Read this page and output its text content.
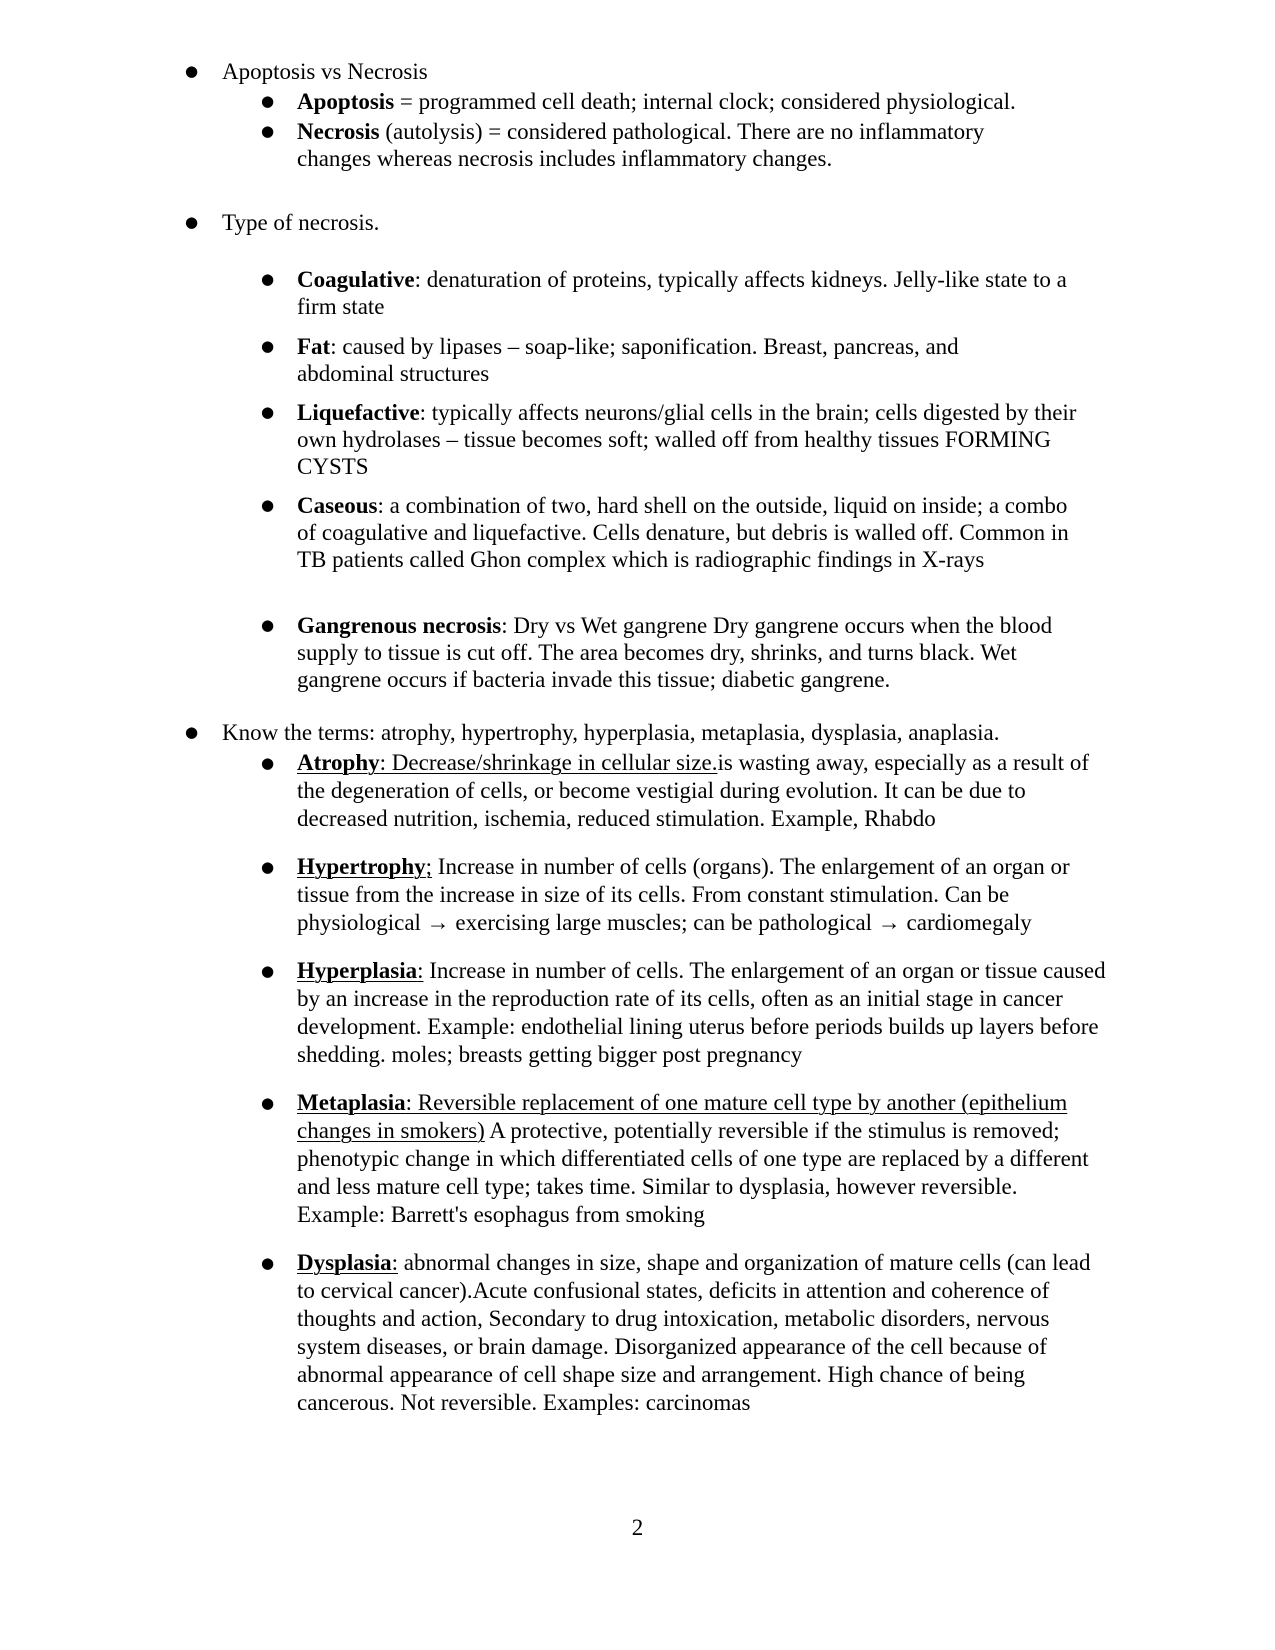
● Apoptosis vs Necrosis
● Apoptosis = programmed cell death; internal clock; considered physiological.
● Necrosis (autolysis) = considered pathological. There are no inflammatory changes whereas necrosis includes inflammatory changes.
● Type of necrosis.
● Coagulative: denaturation of proteins, typically affects kidneys. Jelly-like state to a firm state
● Fat: caused by lipases – soap-like; saponification. Breast, pancreas, and abdominal structures
● Liquefactive: typically affects neurons/glial cells in the brain; cells digested by their own hydrolases – tissue becomes soft; walled off from healthy tissues FORMING CYSTS
● Caseous: a combination of two, hard shell on the outside, liquid on inside; a combo of coagulative and liquefactive. Cells denature, but debris is walled off. Common in TB patients called Ghon complex which is radiographic findings in X-rays
● Gangrenous necrosis: Dry vs Wet gangrene Dry gangrene occurs when the blood supply to tissue is cut off. The area becomes dry, shrinks, and turns black. Wet gangrene occurs if bacteria invade this tissue; diabetic gangrene.
● Know the terms: atrophy, hypertrophy, hyperplasia, metaplasia, dysplasia, anaplasia.
● Atrophy: Decrease/shrinkage in cellular size.is wasting away, especially as a result of the degeneration of cells, or become vestigial during evolution. It can be due to decreased nutrition, ischemia, reduced stimulation. Example, Rhabdo
● Hypertrophy; Increase in number of cells (organs). The enlargement of an organ or tissue from the increase in size of its cells. From constant stimulation. Can be physiological → exercising large muscles; can be pathological → cardiomegaly
● Hyperplasia: Increase in number of cells. The enlargement of an organ or tissue caused by an increase in the reproduction rate of its cells, often as an initial stage in cancer development. Example: endothelial lining uterus before periods builds up layers before shedding. moles; breasts getting bigger post pregnancy
● Metaplasia: Reversible replacement of one mature cell type by another (epithelium changes in smokers) A protective, potentially reversible if the stimulus is removed; phenotypic change in which differentiated cells of one type are replaced by a different and less mature cell type; takes time. Similar to dysplasia, however reversible. Example: Barrett's esophagus from smoking
● Dysplasia: abnormal changes in size, shape and organization of mature cells (can lead to cervical cancer).Acute confusional states, deficits in attention and coherence of thoughts and action, Secondary to drug intoxication, metabolic disorders, nervous system diseases, or brain damage. Disorganized appearance of the cell because of abnormal appearance of cell shape size and arrangement. High chance of being cancerous. Not reversible. Examples: carcinomas
2
